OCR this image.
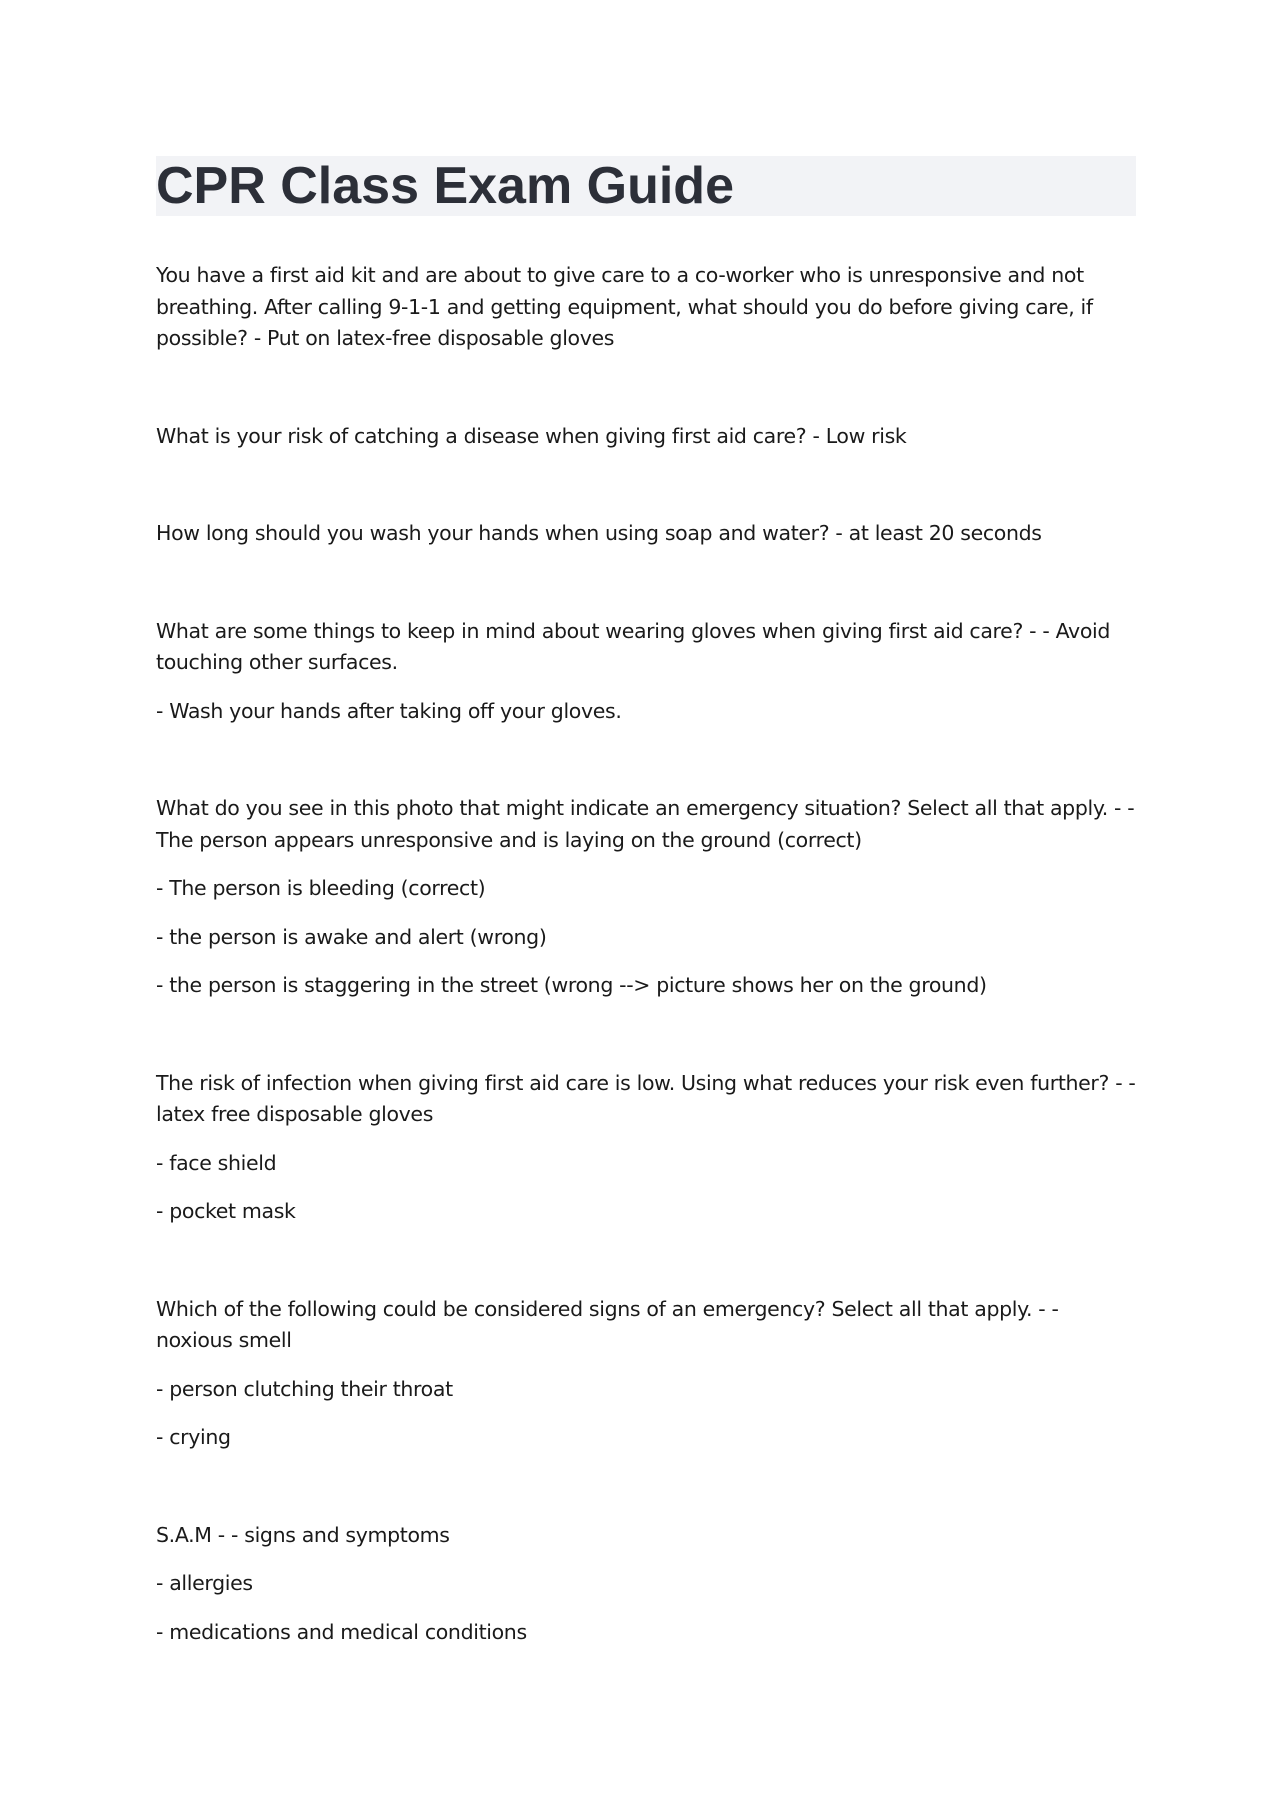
CPR Class Exam Guide

You have a first aid kit and are about to give care to a co-worker who is unresponsive and not breathing. After calling 9-1-1 and getting equipment, what should you do before giving care, if possible? - Put on latex-free disposable gloves

What is your risk of catching a disease when giving first aid care? - Low risk

How long should you wash your hands when using soap and water? - at least 20 seconds

What are some things to keep in mind about wearing gloves when giving first aid care? - - Avoid touching other surfaces.

- Wash your hands after taking off your gloves.

What do you see in this photo that might indicate an emergency situation? Select all that apply. - - The person appears unresponsive and is laying on the ground (correct)

- The person is bleeding (correct)

- the person is awake and alert (wrong)

- the person is staggering in the street (wrong --> picture shows her on the ground)

The risk of infection when giving first aid care is low. Using what reduces your risk even further? - - latex free disposable gloves

- face shield

- pocket mask

Which of the following could be considered signs of an emergency? Select all that apply. - - noxious smell

- person clutching their throat

- crying

S.A.M - - signs and symptoms

- allergies

- medications and medical conditions
